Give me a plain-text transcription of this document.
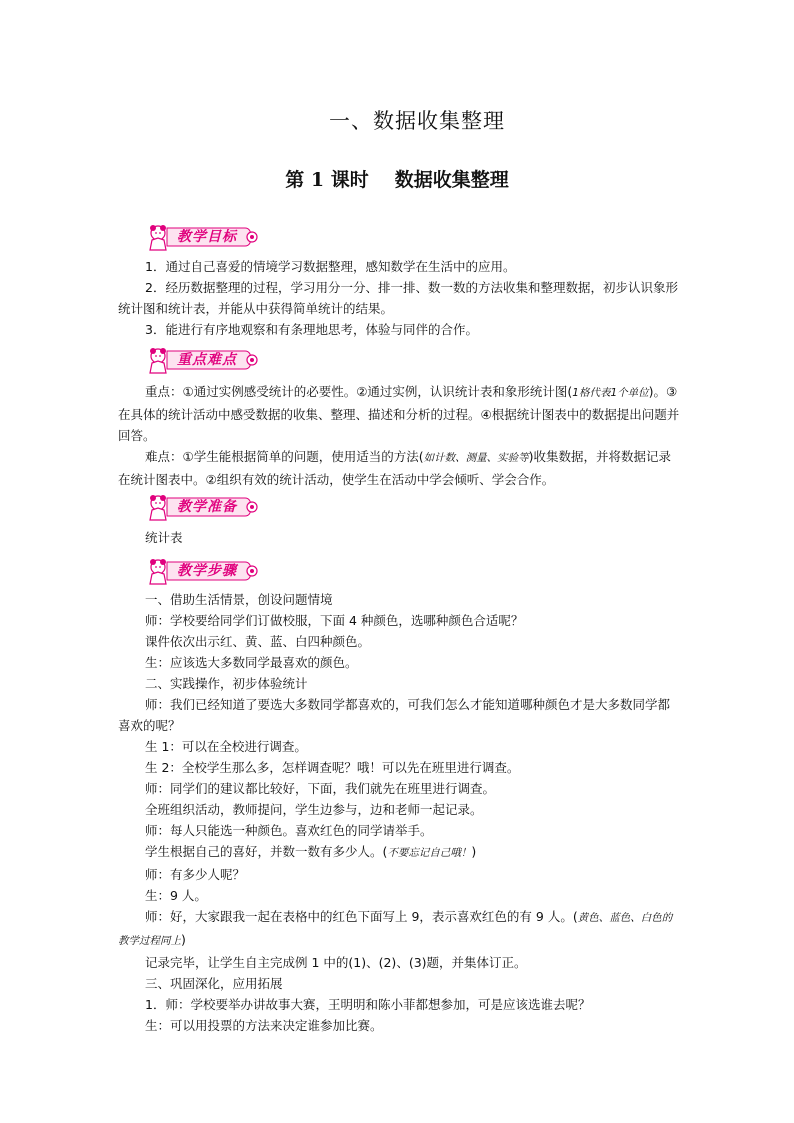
一、数据收集整理
第 1 课时 数据收集整理
教学目标

1．通过自己喜爱的情境学习数据整理，感知数学在生活中的应用。

2．经历数据整理的过程，学习用分一分、排一排、数一数的方法收集和整理数据，初步认识象形统计图和统计表，并能从中获得简单统计的结果。

3．能进行有序地观察和有条理地思考，体验与同伴的合作。

重点难点

重点：①通过实例感受统计的必要性。②通过实例，认识统计表和象形统计图(1格代表1个单位)。③在具体的统计活动中感受数据的收集、整理、描述和分析的过程。④根据统计图表中的数据提出问题并回答。

难点：①学生能根据简单的问题，使用适当的方法(如计数、测量、实验等)收集数据，并将数据记录在统计图表中。②组织有效的统计活动，使学生在活动中学会倾听、学会合作。

教学准备

统计表

教学步骤

一、借助生活情景，创设问题情境

师：学校要给同学们订做校服，下面 4 种颜色，选哪种颜色合适呢？

课件依次出示红、黄、蓝、白四种颜色。

生：应该选大多数同学最喜欢的颜色。

二、实践操作，初步体验统计

师：我们已经知道了要选大多数同学都喜欢的，可我们怎么才能知道哪种颜色才是大多数同学都喜欢的呢？

生 1：可以在全校进行调查。

生 2：全校学生那么多，怎样调查呢？哦！可以先在班里进行调查。

师：同学们的建议都比较好，下面，我们就先在班里进行调查。

全班组织活动，教师提问，学生边参与，边和老师一起记录。

师：每人只能选一种颜色。喜欢红色的同学请举手。

学生根据自己的喜好，并数一数有多少人。(不要忘记自己哦！)

师：有多少人呢？

生：9 人。

师：好，大家跟我一起在表格中的红色下面写上 9，表示喜欢红色的有 9 人。(黄色、蓝色、白色的教学过程同上)

记录完毕，让学生自主完成例 1 中的(1)、(2)、(3)题，并集体订正。

三、巩固深化，应用拓展

1．师：学校要举办讲故事大赛，王明明和陈小菲都想参加，可是应该选谁去呢？

生：可以用投票的方法来决定谁参加比赛。
